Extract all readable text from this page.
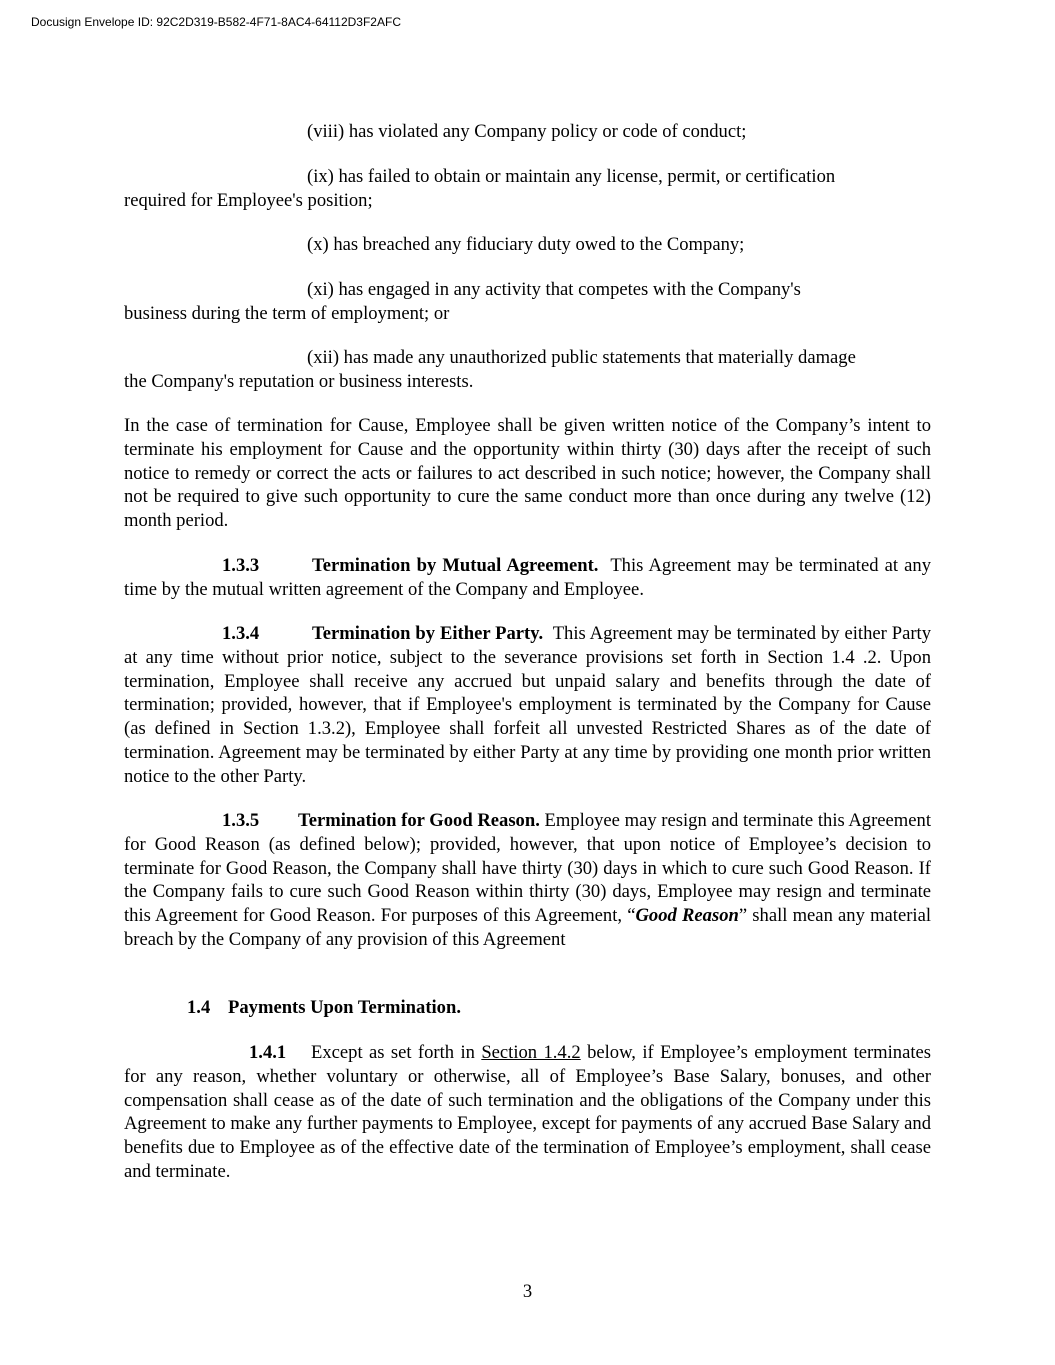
Docusign Envelope ID: 92C2D319-B582-4F71-8AC4-64112D3F2AFC

(viii) has violated any Company policy or code of conduct;

(ix) has failed to obtain or maintain any license, permit, or certification
required for Employee's position;

(x) has breached any fiduciary duty owed to the Company;

(xi) has engaged in any activity that competes with the Company's
business during the term of employment; or

(xii) has made any unauthorized public statements that materially damage
the Company's reputation or business interests.

In the case of termination for Cause, Employee shall be given written notice of the Company’s intent to terminate his employment for Cause and the opportunity within thirty (30) days after the receipt of such notice to remedy or correct the acts or failures to act described in such notice; however, the Company shall not be required to give such opportunity to cure the same conduct more than once during any twelve (12) month period.

1.3.3	Termination by Mutual Agreement. This Agreement may be terminated at any time by the mutual written agreement of the Company and Employee.

1.3.4	Termination by Either Party. This Agreement may be terminated by either Party at any time without prior notice, subject to the severance provisions set forth in Section 1.4 .2. Upon termination, Employee shall receive any accrued but unpaid salary and benefits through the date of termination; provided, however, that if Employee's employment is terminated by the Company for Cause (as defined in Section 1.3.2), Employee shall forfeit all unvested Restricted Shares as of the date of termination. Agreement may be terminated by either Party at any time by providing one month prior written notice to the other Party.

1.3.5 Termination for Good Reason. Employee may resign and terminate this Agreement for Good Reason (as defined below); provided, however, that upon notice of Employee’s decision to terminate for Good Reason, the Company shall have thirty (30) days in which to cure such Good Reason. If the Company fails to cure such Good Reason within thirty (30) days, Employee may resign and terminate this Agreement for Good Reason. For purposes of this Agreement, “Good Reason” shall mean any material breach by the Company of any provision of this Agreement

1.4 Payments Upon Termination.

1.4.1 Except as set forth in Section 1.4.2 below, if Employee’s employment terminates for any reason, whether voluntary or otherwise, all of Employee’s Base Salary, bonuses, and other compensation shall cease as of the date of such termination and the obligations of the Company under this Agreement to make any further payments to Employee, except for payments of any accrued Base Salary and benefits due to Employee as of the effective date of the termination of Employee’s employment, shall cease and terminate.

3
